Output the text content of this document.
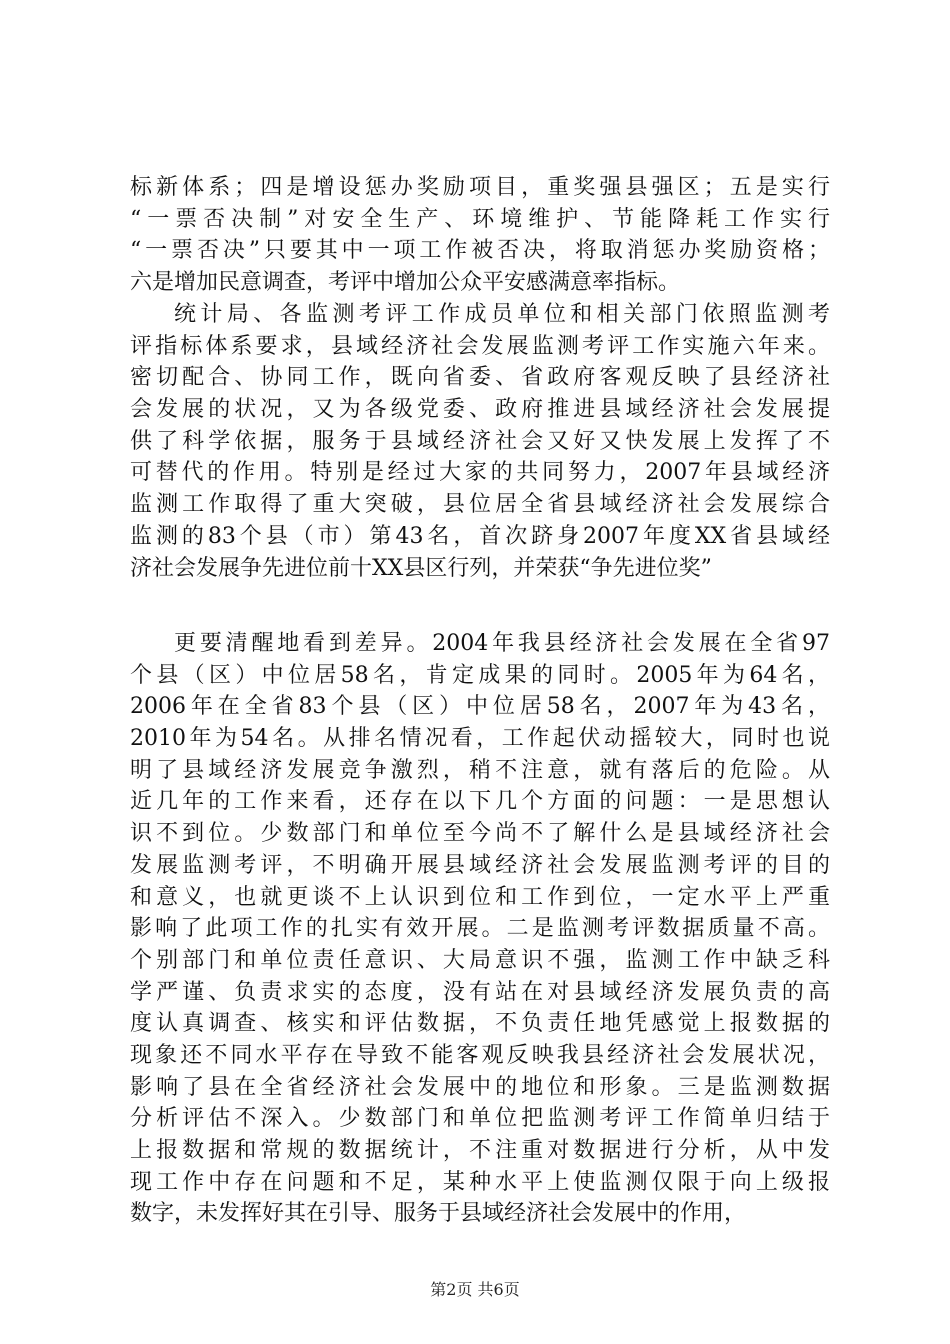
标新体系；四是增设惩办奖励项目，重奖强县强区；五是实行
“一票否决制”对安全生产、环境维护、节能降耗工作实行
“一票否决”只要其中一项工作被否决，将取消惩办奖励资格；
六是增加民意调查，考评中增加公众平安感满意率指标。
统计局、各监测考评工作成员单位和相关部门依照监测考
评指标体系要求，县域经济社会发展监测考评工作实施六年来。
密切配合、协同工作，既向省委、省政府客观反映了县经济社
会发展的状况，又为各级党委、政府推进县域经济社会发展提
供了科学依据，服务于县域经济社会又好又快发展上发挥了不
可替代的作用。特别是经过大家的共同努力，2007年县域经济
监测工作取得了重大突破，县位居全省县域经济社会发展综合
监测的83个县（市）第43名，首次跻身2007年度XX省县域经
济社会发展争先进位前十XX县区行列，并荣获“争先进位奖”
更要清醒地看到差异。2004年我县经济社会发展在全省97
个县（区）中位居58名，肯定成果的同时。2005年为64名，
2006年在全省83个县（区）中位居58名，2007年为43名，
2010年为54名。从排名情况看，工作起伏动摇较大，同时也说
明了县域经济发展竞争激烈，稍不注意，就有落后的危险。从
近几年的工作来看，还存在以下几个方面的问题：一是思想认
识不到位。少数部门和单位至今尚不了解什么是县域经济社会
发展监测考评，不明确开展县域经济社会发展监测考评的目的
和意义，也就更谈不上认识到位和工作到位，一定水平上严重
影响了此项工作的扎实有效开展。二是监测考评数据质量不高。
个别部门和单位责任意识、大局意识不强，监测工作中缺乏科
学严谨、负责求实的态度，没有站在对县域经济发展负责的高
度认真调查、核实和评估数据，不负责任地凭感觉上报数据的
现象还不同水平存在导致不能客观反映我县经济社会发展状况，
影响了县在全省经济社会发展中的地位和形象。三是监测数据
分析评估不深入。少数部门和单位把监测考评工作简单归结于
上报数据和常规的数据统计，不注重对数据进行分析，从中发
现工作中存在问题和不足，某种水平上使监测仅限于向上级报
数字，未发挥好其在引导、服务于县域经济社会发展中的作用，
第2页 共6页
